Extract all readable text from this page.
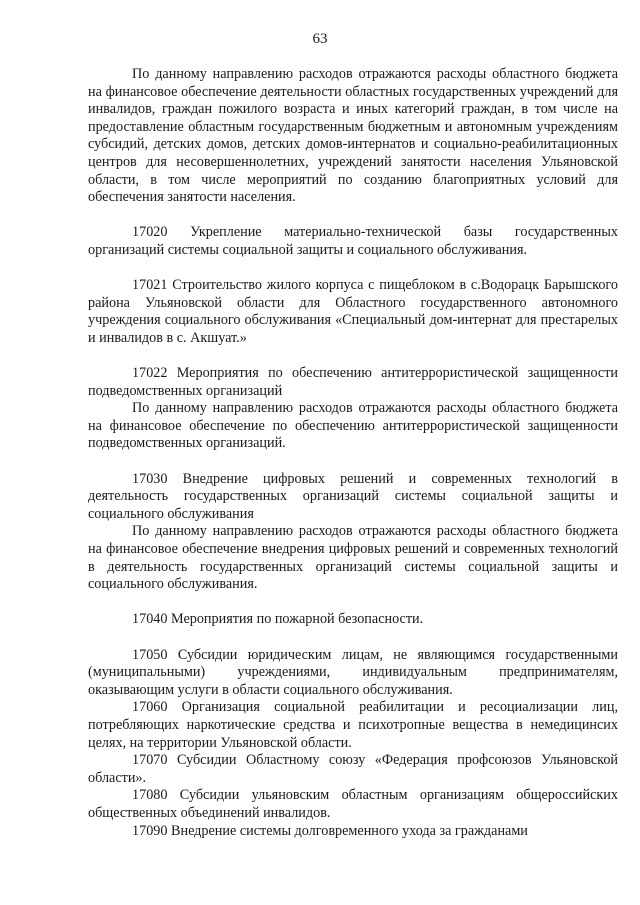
63

По данному направлению расходов отражаются расходы областного бюджета на финансовое обеспечение деятельности областных государственных учреждений для инвалидов, граждан пожилого возраста и иных категорий граждан, в том числе на предоставление областным государственным бюджетным и автономным учреждениям субсидий, детских домов, детских домов-интернатов и социально-реабилитационных центров для несовершеннолетних, учреждений занятости населения Ульяновской области, в том числе мероприятий по созданию благоприятных условий для обеспечения занятости населения.

17020 Укрепление материально-технической базы государственных организаций системы социальной защиты и социального обслуживания.

17021 Строительство жилого корпуса с пищеблоком в с.Водорацк Барышского района Ульяновской области для Областного государственного автономного учреждения социального обслуживания «Специальный дом-интернат для престарелых и инвалидов в с. Акшуат.»

17022 Мероприятия по обеспечению антитеррористической защищенности подведомственных организаций

По данному направлению расходов отражаются расходы областного бюджета на финансовое обеспечение по обеспечению антитеррористической защищенности подведомственных организаций.

17030 Внедрение цифровых решений и современных технологий в деятельность государственных организаций системы социальной защиты и социального обслуживания

По данному направлению расходов отражаются расходы областного бюджета на финансовое обеспечение внедрения цифровых решений и современных технологий в деятельность государственных организаций системы социальной защиты и социального обслуживания.

17040 Мероприятия по пожарной безопасности.

17050 Субсидии юридическим лицам, не являющимся государственными (муниципальными) учреждениями, индивидуальным предпринимателям, оказывающим услуги в области социального обслуживания.

17060 Организация социальной реабилитации и ресоциализации лиц, потребляющих наркотические средства и психотропные вещества в немедицинсих целях, на территории Ульяновской области.

17070 Субсидии Областному союзу «Федерация профсоюзов Ульяновской области».

17080 Субсидии ульяновским областным организациям общероссийских общественных объединений инвалидов.

17090 Внедрение системы долговременного ухода за гражданами
